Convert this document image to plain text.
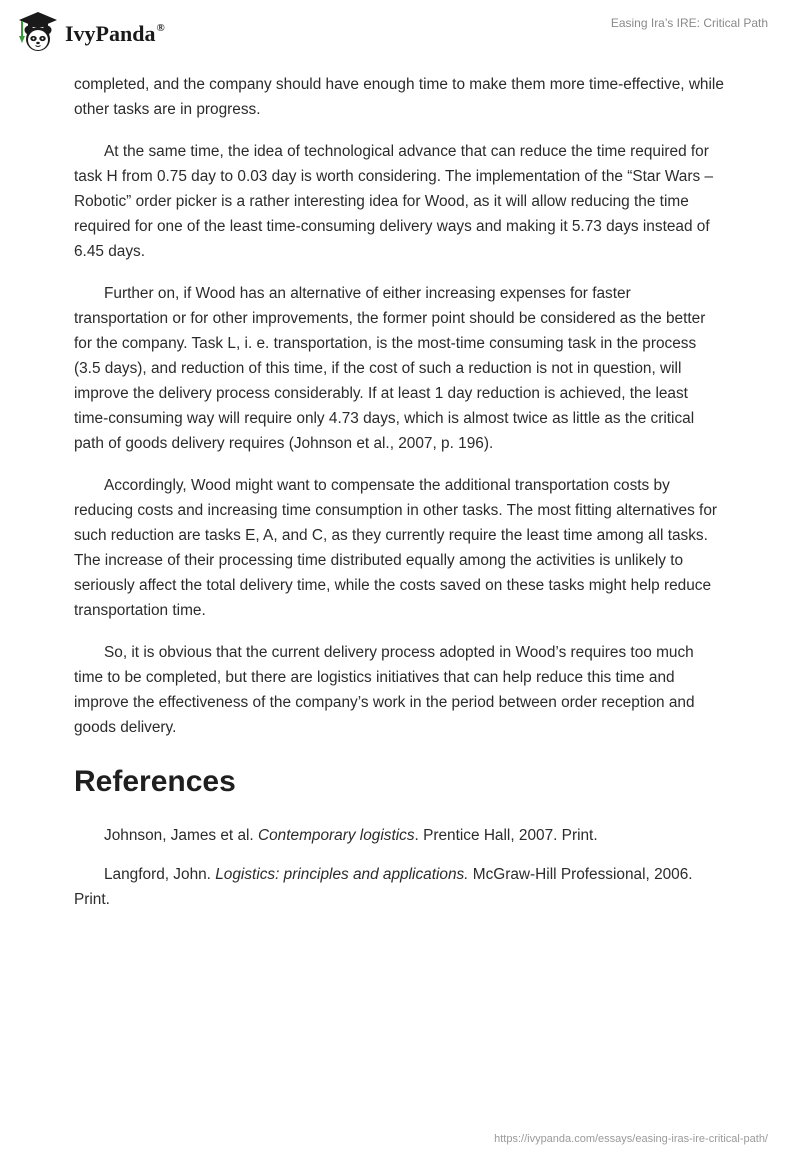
IvyPanda®	Easing Ira’s IRE: Critical Path

completed, and the company should have enough time to make them more time-effective, while other tasks are in progress.

At the same time, the idea of technological advance that can reduce the time required for task H from 0.75 day to 0.03 day is worth considering. The implementation of the “Star Wars – Robotic” order picker is a rather interesting idea for Wood, as it will allow reducing the time required for one of the least time-consuming delivery ways and making it 5.73 days instead of 6.45 days.

Further on, if Wood has an alternative of either increasing expenses for faster transportation or for other improvements, the former point should be considered as the better for the company. Task L, i. e. transportation, is the most-time consuming task in the process (3.5 days), and reduction of this time, if the cost of such a reduction is not in question, will improve the delivery process considerably. If at least 1 day reduction is achieved, the least time-consuming way will require only 4.73 days, which is almost twice as little as the critical path of goods delivery requires (Johnson et al., 2007, p. 196).

Accordingly, Wood might want to compensate the additional transportation costs by reducing costs and increasing time consumption in other tasks. The most fitting alternatives for such reduction are tasks E, A, and C, as they currently require the least time among all tasks. The increase of their processing time distributed equally among the activities is unlikely to seriously affect the total delivery time, while the costs saved on these tasks might help reduce transportation time.

So, it is obvious that the current delivery process adopted in Wood’s requires too much time to be completed, but there are logistics initiatives that can help reduce this time and improve the effectiveness of the company’s work in the period between order reception and goods delivery.

References

Johnson, James et al. Contemporary logistics. Prentice Hall, 2007. Print.

Langford, John. Logistics: principles and applications. McGraw-Hill Professional, 2006. Print.

https://ivypanda.com/essays/easing-iras-ire-critical-path/
